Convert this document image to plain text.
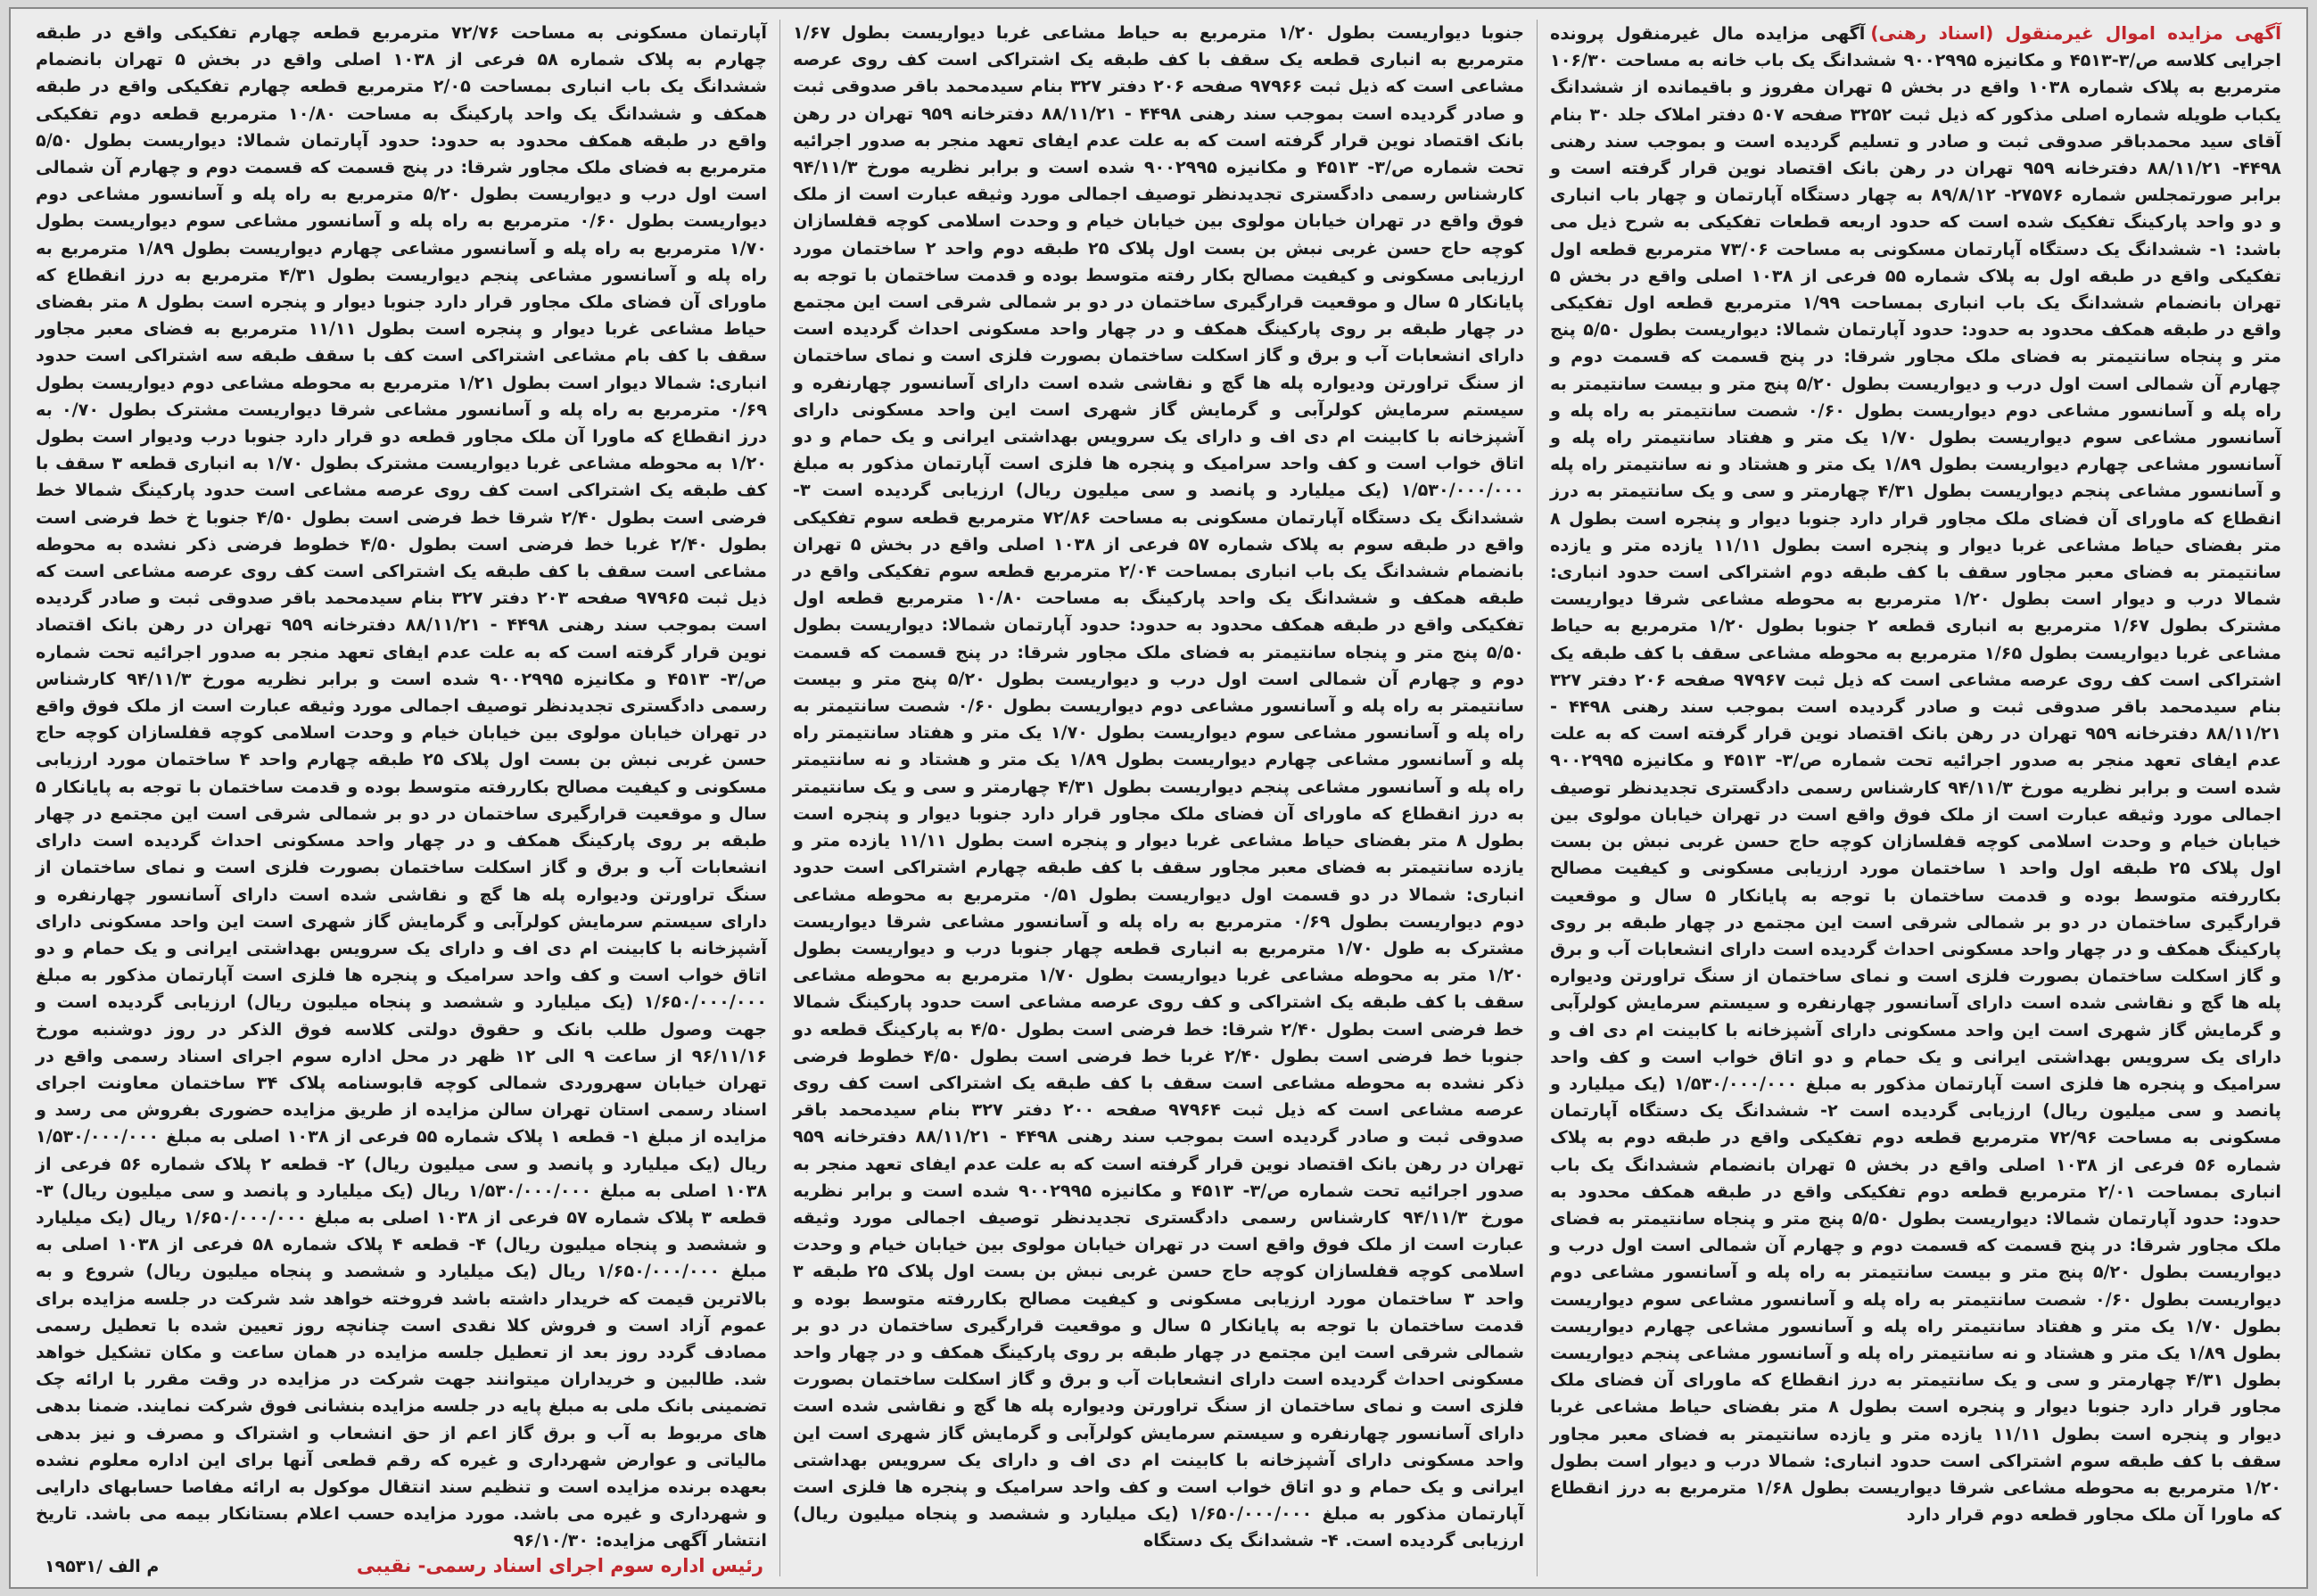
آگهی مزایده اموال غیرمنقول (اسناد رهنی)آگهی مزایده مال غیرمنقول پرونده اجرایی کلاسه ص/۳-۴۵۱۳ و مکانیزه ۹۰۰۲۹۹۵ ششدانگ یک باب خانه به مساحت ۱۰۶/۳۰ مترمربع به پلاک شماره ۱۰۳۸ واقع در بخش ۵ تهران مفروز و باقیمانده از ششدانگ یکباب طویله شماره اصلی مذکور که ذیل ثبت ۳۲۵۲ صفحه ۵۰۷ دفتر املاک جلد ۳۰ بنام آقای سید محمدباقر صدوقی ثبت و صادر و تسلیم گردیده است و بموجب سند رهنی ۴۴۹۸- ۸۸/۱۱/۲۱ دفترخانه ۹۵۹ تهران در رهن بانک اقتصاد نوین قرار گرفته است و برابر صورتمجلس شماره ۲۷۵۷۶- ۸۹/۸/۱۲ به چهار دستگاه آپارتمان و چهار باب انباری و دو واحد پارکینگ تفکیک شده است که حدود اربعه قطعات تفکیکی به شرح ذیل می باشد: ۱- ششدانگ یک دستگاه آپارتمان مسکونی به مساحت ۷۳/۰۶ مترمربع قطعه اول تفکیکی واقع در طبقه اول به پلاک شماره ۵۵ فرعی از ۱۰۳۸ اصلی واقع در بخش ۵ تهران بانضمام ششدانگ یک باب انباری بمساحت ۱/۹۹ مترمربع قطعه اول تفکیکی واقع در طبقه همکف محدود به حدود: حدود آپارتمان شمالا: دیواریست بطول ۵/۵۰ پنج متر و پنجاه سانتیمتر به فضای ملک مجاور شرقا: در پنج قسمت که قسمت دوم و چهارم آن شمالی است اول درب و دیواریست بطول ۵/۲۰ پنج متر و بیست سانتیمتر به راه پله و آسانسور مشاعی دوم دیواریست بطول ۰/۶۰ شصت سانتیمتر به راه پله و آسانسور مشاعی سوم دیواریست بطول ۱/۷۰ یک متر و هفتاد سانتیمتر راه پله و آسانسور مشاعی چهارم دیواریست بطول ۱/۸۹ یک متر و هشتاد و نه سانتیمتر راه پله و آسانسور مشاعی پنجم دیواریست بطول ۴/۳۱ چهارمتر و سی و یک سانتیمتر به درز انقطاع که ماورای آن فضای ملک مجاور قرار دارد جنوبا دیوار و پنجره است بطول ۸ متر بفضای حیاط مشاعی غربا دیوار و پنجره است بطول ۱۱/۱۱ یازده متر و یازده سانتیمتر به فضای معبر مجاور سقف با کف طبقه دوم اشتراکی است حدود انباری: شمالا درب و دیوار است بطول ۱/۲۰ مترمربع به محوطه مشاعی شرقا دیواریست مشترک بطول ۱/۶۷ مترمربع به انباری قطعه ۲ جنوبا بطول ۱/۲۰ مترمربع به حیاط مشاعی غربا دیواریست بطول ۱/۶۵ مترمربع به محوطه مشاعی سقف با کف طبقه یک اشتراکی است کف روی عرصه مشاعی است که ذیل ثبت ۹۷۹۶۷ صفحه ۲۰۶ دفتر ۳۲۷ بنام سیدمحمد باقر صدوقی ثبت و صادر گردیده است بموجب سند رهنی ۴۴۹۸ - ۸۸/۱۱/۲۱ دفترخانه ۹۵۹ تهران در رهن بانک اقتصاد نوین قرار گرفته است که به علت عدم ایفای تعهد منجر به صدور اجرائیه تحت شماره ص/۳- ۴۵۱۳ و مکانیزه ۹۰۰۲۹۹۵ شده است و برابر نظریه مورخ ۹۴/۱۱/۳ کارشناس رسمی دادگستری تجدیدنظر توصیف اجمالی مورد وثیقه عبارت است از ملک فوق واقع است در تهران خیابان مولوی بین خیابان خیام و وحدت اسلامی کوچه قفلسازان کوچه حاج حسن غربی نبش بن بست اول پلاک ۲۵ طبقه اول واحد ۱ ساختمان مورد ارزیابی مسکونی و کیفیت مصالح بکاررفته متوسط بوده و قدمت ساختمان با توجه به پایانکار ۵ سال و موقعیت قرارگیری ساختمان در دو بر شمالی شرقی است این مجتمع در چهار طبقه بر روی پارکینگ همکف و در چهار واحد مسکونی احداث گردیده است دارای انشعابات آب و برق و گاز اسکلت ساختمان بصورت فلزی است و نمای ساختمان از سنگ تراورتن ودیواره پله ها گچ و نقاشی شده است دارای آسانسور چهارنفره و سیستم سرمایش کولرآبی و گرمایش گاز شهری است این واحد مسکونی دارای آشپزخانه با کابینت ام دی اف و دارای یک سرویس بهداشتی ایرانی و یک حمام و دو اتاق خواب است و کف واحد سرامیک و پنجره ها فلزی است آپارتمان مذکور به مبلغ ۱/۵۳۰/۰۰۰/۰۰۰ (یک میلیارد و پانصد و سی میلیون ریال) ارزیابی گردیده است ۲- ششدانگ یک دستگاه آپارتمان مسکونی به مساحت ۷۲/۹۶ مترمربع قطعه دوم تفکیکی واقع در طبقه دوم به پلاک شماره ۵۶ فرعی از ۱۰۳۸ اصلی واقع در بخش ۵ تهران بانضمام ششدانگ یک باب انباری بمساحت ۲/۰۱ مترمربع قطعه دوم تفکیکی واقع در طبقه همکف محدود به حدود: حدود آپارتمان شمالا: دیواریست بطول ۵/۵۰ پنج متر و پنجاه سانتیمتر به فضای ملک مجاور شرقا: در پنج قسمت که قسمت دوم و چهارم آن شمالی است اول درب و دیواریست بطول ۵/۲۰ پنج متر و بیست سانتیمتر به راه پله و آسانسور مشاعی دوم دیواریست بطول ۰/۶۰ شصت سانتیمتر به راه پله و آسانسور مشاعی سوم دیواریست بطول ۱/۷۰ یک متر و هفتاد سانتیمتر راه پله و آسانسور مشاعی چهارم دیواریست بطول ۱/۸۹ یک متر و هشتاد و نه سانتیمتر راه پله و آسانسور مشاعی پنجم دیواریست بطول ۴/۳۱ چهارمتر و سی و یک سانتیمتر به درز انقطاع که ماورای آن فضای ملک مجاور قرار دارد جنوبا دیوار و پنجره است بطول ۸ متر بفضای حیاط مشاعی غربا دیوار و پنجره است بطول ۱۱/۱۱ یازده متر و یازده سانتیمتر به فضای معبر مجاور سقف با کف طبقه سوم اشتراکی است حدود انباری: شمالا درب و دیوار است بطول ۱/۲۰ مترمربع به محوطه مشاعی شرقا دیواریست بطول ۱/۶۸ مترمربع به درز انقطاع که ماورا آن ملک مجاور قطعه دوم قرار دارد
جنوبا دیواریست بطول ۱/۲۰ مترمربع به حیاط مشاعی غربا دیواریست بطول ۱/۶۷ مترمربع به انباری قطعه یک سقف با کف طبقه یک اشتراکی است کف روی عرصه مشاعی است که ذیل ثبت ۹۷۹۶۶ صفحه ۲۰۶ دفتر ۳۲۷ بنام سیدمحمد باقر صدوقی ثبت و صادر گردیده است بموجب سند رهنی ۴۴۹۸ - ۸۸/۱۱/۲۱ دفترخانه ۹۵۹ تهران در رهن بانک اقتصاد نوین قرار گرفته است که به علت عدم ایفای تعهد منجر به صدور اجرائیه تحت شماره ص/۳- ۴۵۱۳ و مکانیزه ۹۰۰۲۹۹۵ شده است و برابر نظریه مورخ ۹۴/۱۱/۳ کارشناس رسمی دادگستری تجدیدنظر توصیف اجمالی مورد وثیقه عبارت است از ملک فوق واقع در تهران خیابان مولوی بین خیابان خیام و وحدت اسلامی کوچه قفلسازان کوچه حاج حسن غربی نبش بن بست اول پلاک ۲۵ طبقه دوم واحد ۲ ساختمان مورد ارزیابی مسکونی و کیفیت مصالح بکار رفته متوسط بوده و قدمت ساختمان با توجه به پایانکار ۵ سال و موقعیت قرارگیری ساختمان در دو بر شمالی شرقی است این مجتمع در چهار طبقه بر روی پارکینگ همکف و در چهار واحد مسکونی احداث گردیده است دارای انشعابات آب و برق و گاز اسکلت ساختمان بصورت فلزی است و نمای ساختمان از سنگ تراورتن ودیواره پله ها گچ و نقاشی شده است دارای آسانسور چهارنفره و سیستم سرمایش کولرآبی و گرمایش گاز شهری است این واحد مسکونی دارای آشپزخانه با کابینت ام دی اف و دارای یک سرویس بهداشتی ایرانی و یک حمام و دو اتاق خواب است و کف واحد سرامیک و پنجره ها فلزی است آپارتمان مذکور به مبلغ ۱/۵۳۰/۰۰۰/۰۰۰ (یک میلیارد و پانصد و سی میلیون ریال) ارزیابی گردیده است ۳- ششدانگ یک دستگاه آپارتمان مسکونی به مساحت ۷۲/۸۶ مترمربع قطعه سوم تفکیکی واقع در طبقه سوم به پلاک شماره ۵۷ فرعی از ۱۰۳۸ اصلی واقع در بخش ۵ تهران بانضمام ششدانگ یک باب انباری بمساحت ۲/۰۴ مترمربع قطعه سوم تفکیکی واقع در طبقه همکف و ششدانگ یک واحد پارکینگ به مساحت ۱۰/۸۰ مترمربع قطعه اول تفکیکی واقع در طبقه همکف محدود به حدود: حدود آپارتمان شمالا: دیواریست بطول ۵/۵۰ پنج متر و پنجاه سانتیمتر به فضای ملک مجاور شرقا: در پنج قسمت که قسمت دوم و چهارم آن شمالی است اول درب و دیواریست بطول ۵/۲۰ پنج متر و بیست سانتیمتر به راه پله و آسانسور مشاعی دوم دیواریست بطول ۰/۶۰ شصت سانتیمتر به راه پله و آسانسور مشاعی سوم دیواریست بطول ۱/۷۰ یک متر و هفتاد سانتیمتر راه پله و آسانسور مشاعی چهارم دیواریست بطول ۱/۸۹ یک متر و هشتاد و نه سانتیمتر راه پله و آسانسور مشاعی پنجم دیواریست بطول ۴/۳۱ چهارمتر و سی و یک سانتیمتر به درز انقطاع که ماورای آن فضای ملک مجاور قرار دارد جنوبا دیوار و پنجره است بطول ۸ متر بفضای حیاط مشاعی غربا دیوار و پنجره است بطول ۱۱/۱۱ یازده متر و یازده سانتیمتر به فضای معبر مجاور سقف با کف طبقه چهارم اشتراکی است حدود انباری: شمالا در دو قسمت اول دیواریست بطول ۰/۵۱ مترمربع به محوطه مشاعی دوم دیواریست بطول ۰/۶۹ مترمربع به راه پله و آسانسور مشاعی شرقا دیواریست مشترک به طول ۱/۷۰ مترمربع به انباری قطعه چهار جنوبا درب و دیواریست بطول ۱/۲۰ متر به محوطه مشاعی غربا دیواریست بطول ۱/۷۰ مترمربع به محوطه مشاعی سقف با کف طبقه یک اشتراکی و کف روی عرصه مشاعی است حدود پارکینگ شمالا خط فرضی است بطول ۲/۴۰ شرقا: خط فرضی است بطول ۴/۵۰ به پارکینگ قطعه دو جنوبا خط فرضی است بطول ۲/۴۰ غربا خط فرضی است بطول ۴/۵۰ خطوط فرضی ذکر نشده به محوطه مشاعی است سقف با کف طبقه یک اشتراکی است کف روی عرصه مشاعی است که ذیل ثبت ۹۷۹۶۴ صفحه ۲۰۰ دفتر ۳۲۷ بنام سیدمحمد باقر صدوقی ثبت و صادر گردیده است بموجب سند رهنی ۴۴۹۸ - ۸۸/۱۱/۲۱ دفترخانه ۹۵۹ تهران در رهن بانک اقتصاد نوین قرار گرفته است که به علت عدم ایفای تعهد منجر به صدور اجرائیه تحت شماره ص/۳- ۴۵۱۳ و مکانیزه ۹۰۰۲۹۹۵ شده است و برابر نظریه مورخ ۹۴/۱۱/۳ کارشناس رسمی دادگستری تجدیدنظر توصیف اجمالی مورد وثیقه عبارت است از ملک فوق واقع است در تهران خیابان مولوی بین خیابان خیام و وحدت اسلامی کوچه قفلسازان کوچه حاج حسن غربی نبش بن بست اول پلاک ۲۵ طبقه ۳ واحد ۳ ساختمان مورد ارزیابی مسکونی و کیفیت مصالح بکاررفته متوسط بوده و قدمت ساختمان با توجه به پایانکار ۵ سال و موقعیت قرارگیری ساختمان در دو بر شمالی شرقی است این مجتمع در چهار طبقه بر روی پارکینگ همکف و در چهار واحد مسکونی احداث گردیده است دارای انشعابات آب و برق و گاز اسکلت ساختمان بصورت فلزی است و نمای ساختمان از سنگ تراورتن ودیواره پله ها گچ و نقاشی شده است دارای آسانسور چهارنفره و سیستم سرمایش کولرآبی و گرمایش گاز شهری است این واحد مسکونی دارای آشپزخانه با کابینت ام دی اف و دارای یک سرویس بهداشتی ایرانی و یک حمام و دو اتاق خواب است و کف واحد سرامیک و پنجره ها فلزی است آپارتمان مذکور به مبلغ ۱/۶۵۰/۰۰۰/۰۰۰ (یک میلیارد و ششصد و پنجاه میلیون ریال) ارزیابی گردیده است. ۴- ششدانگ یک دستگاه
آپارتمان مسکونی به مساحت ۷۲/۷۶ مترمربع قطعه چهارم تفکیکی واقع در طبقه چهارم به پلاک شماره ۵۸ فرعی از ۱۰۳۸ اصلی واقع در بخش ۵ تهران بانضمام ششدانگ یک باب انباری بمساحت ۲/۰۵ مترمربع قطعه چهارم تفکیکی واقع در طبقه همکف و ششدانگ یک واحد پارکینگ به مساحت ۱۰/۸۰ مترمربع قطعه دوم تفکیکی واقع در طبقه همکف محدود به حدود: حدود آپارتمان شمالا: دیواریست بطول ۵/۵۰ مترمربع به فضای ملک مجاور شرقا: در پنج قسمت که قسمت دوم و چهارم آن شمالی است اول درب و دیواریست بطول ۵/۲۰ مترمربع به راه پله و آسانسور مشاعی دوم دیواریست بطول ۰/۶۰ مترمربع به راه پله و آسانسور مشاعی سوم دیواریست بطول ۱/۷۰ مترمربع به راه پله و آسانسور مشاعی چهارم دیواریست بطول ۱/۸۹ مترمربع به راه پله و آسانسور مشاعی پنجم دیواریست بطول ۴/۳۱ مترمربع به درز انقطاع که ماورای آن فضای ملک مجاور قرار دارد جنوبا دیوار و پنجره است بطول ۸ متر بفضای حیاط مشاعی غربا دیوار و پنجره است بطول ۱۱/۱۱ مترمربع به فضای معبر مجاور سقف با کف بام مشاعی اشتراکی است کف با سقف طبقه سه اشتراکی است حدود انباری: شمالا دیوار است بطول ۱/۲۱ مترمربع به محوطه مشاعی دوم دیواریست بطول ۰/۶۹ مترمربع به راه پله و آسانسور مشاعی شرقا دیواریست مشترک بطول ۰/۷۰ به درز انقطاع که ماورا آن ملک مجاور قطعه دو قرار دارد جنوبا درب ودیوار است بطول ۱/۲۰ به محوطه مشاعی غربا دیواریست مشترک بطول ۱/۷۰ به انباری قطعه ۳ سقف با کف طبقه یک اشتراکی است کف روی عرصه مشاعی است حدود پارکینگ شمالا خط فرضی است بطول ۲/۴۰ شرقا خط فرضی است بطول ۴/۵۰ جنوبا خ خط فرضی است بطول ۲/۴۰ غربا خط فرضی است بطول ۴/۵۰ خطوط فرضی ذکر نشده به محوطه مشاعی است سقف با کف طبقه یک اشتراکی است کف روی عرصه مشاعی است که ذیل ثبت ۹۷۹۶۵ صفحه ۲۰۳ دفتر ۳۲۷ بنام سیدمحمد باقر صدوقی ثبت و صادر گردیده است بموجب سند رهنی ۴۴۹۸ - ۸۸/۱۱/۲۱ دفترخانه ۹۵۹ تهران در رهن بانک اقتصاد نوین قرار گرفته است که به علت عدم ایفای تعهد منجر به صدور اجرائیه تحت شماره ص/۳- ۴۵۱۳ و مکانیزه ۹۰۰۲۹۹۵ شده است و برابر نظریه مورخ ۹۴/۱۱/۳ کارشناس رسمی دادگستری تجدیدنظر توصیف اجمالی مورد وثیقه عبارت است از ملک فوق واقع در تهران خیابان مولوی بین خیابان خیام و وحدت اسلامی کوچه قفلسازان کوچه حاج حسن غربی نبش بن بست اول پلاک ۲۵ طبقه چهارم واحد ۴ ساختمان مورد ارزیابی مسکونی و کیفیت مصالح بکاررفته متوسط بوده و قدمت ساختمان با توجه به پایانکار ۵ سال و موقعیت قرارگیری ساختمان در دو بر شمالی شرقی است این مجتمع در چهار طبقه بر روی پارکینگ همکف و در چهار واحد مسکونی احداث گردیده است دارای انشعابات آب و برق و گاز اسکلت ساختمان بصورت فلزی است و نمای ساختمان از سنگ تراورتن ودیواره پله ها گچ و نقاشی شده است دارای آسانسور چهارنفره و دارای سیستم سرمایش کولرآبی و گرمایش گاز شهری است این واحد مسکونی دارای آشپزخانه با کابینت ام دی اف و دارای یک سرویس بهداشتی ایرانی و یک حمام و دو اتاق خواب است و کف واحد سرامیک و پنجره ها فلزی است آپارتمان مذکور به مبلغ ۱/۶۵۰/۰۰۰/۰۰۰ (یک میلیارد و ششصد و پنجاه میلیون ریال) ارزیابی گردیده است و جهت وصول طلب بانک و حقوق دولتی کلاسه فوق الذکر در روز دوشنبه مورخ ۹۶/۱۱/۱۶ از ساعت ۹ الی ۱۲ ظهر در محل اداره سوم اجرای اسناد رسمی واقع در تهران خیابان سهروردی شمالی کوچه قابوسنامه پلاک ۳۴ ساختمان معاونت اجرای اسناد رسمی استان تهران سالن مزایده از طریق مزایده حضوری بفروش می رسد و مزایده از مبلغ ۱- قطعه ۱ پلاک شماره ۵۵ فرعی از ۱۰۳۸ اصلی به مبلغ ۱/۵۳۰/۰۰۰/۰۰۰ ریال (یک میلیارد و پانصد و سی میلیون ریال) ۲- قطعه ۲ پلاک شماره ۵۶ فرعی از ۱۰۳۸ اصلی به مبلغ ۱/۵۳۰/۰۰۰/۰۰۰ ریال (یک میلیارد و پانصد و سی میلیون ریال) ۳- قطعه ۳ پلاک شماره ۵۷ فرعی از ۱۰۳۸ اصلی به مبلغ ۱/۶۵۰/۰۰۰/۰۰۰ ریال (یک میلیارد و ششصد و پنجاه میلیون ریال) ۴- قطعه ۴ پلاک شماره ۵۸ فرعی از ۱۰۳۸ اصلی به مبلغ ۱/۶۵۰/۰۰۰/۰۰۰ ریال (یک میلیارد و ششصد و پنجاه میلیون ریال) شروع و به بالاترین قیمت که خریدار داشته باشد فروخته خواهد شد شرکت در جلسه مزایده برای عموم آزاد است و فروش کلا نقدی است چنانچه روز تعیین شده با تعطیل رسمی مصادف گردد روز بعد از تعطیل جلسه مزایده در همان ساعت و مکان تشکیل خواهد شد. طالبین و خریداران میتوانند جهت شرکت در مزایده در وقت مقرر با ارائه چک تضمینی بانک ملی به مبلغ پایه در جلسه مزایده بنشانی فوق شرکت نمایند. ضمنا بدهی های مربوط به آب و برق گاز اعم از حق انشعاب و اشتراک و مصرف و نیز بدهی مالیاتی و عوارض شهرداری و غیره که رقم قطعی آنها برای این اداره معلوم نشده بعهده برنده مزایده است و تنظیم سند انتقال موکول به ارائه مفاصا حسابهای دارایی و شهرداری و غیره می باشد. مورد مزایده حسب اعلام بستانکار بیمه می باشد. تاریخ انتشار آگهی مزایده: ۹۶/۱۰/۳۰
رئیس اداره سوم اجرای اسناد رسمی- نقیبی
م الف /۱۹۵۳۱
